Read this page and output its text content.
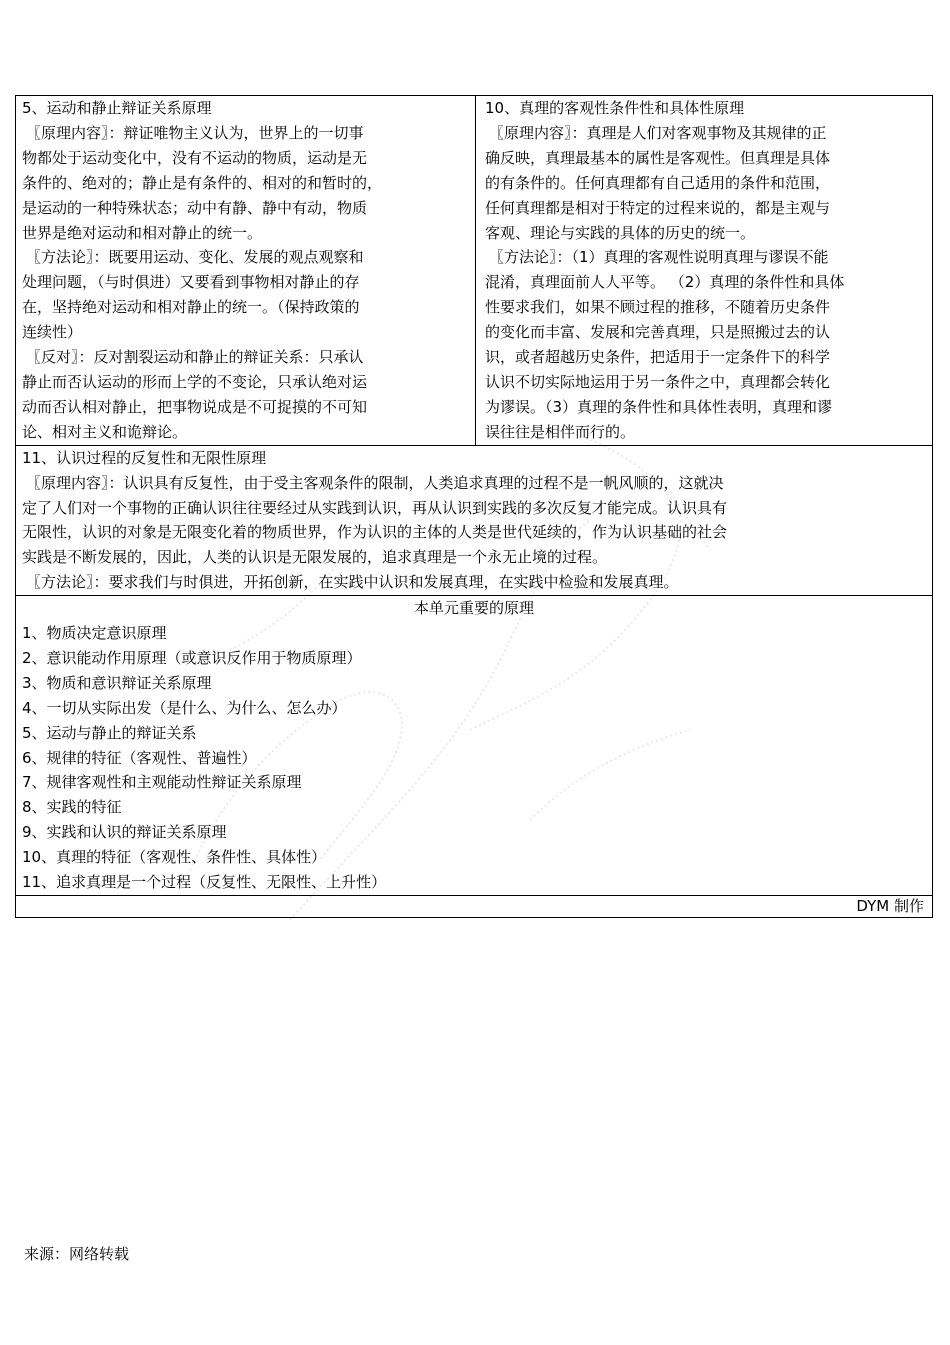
5、运动和静止辩证关系原理
〖原理内容〗：辩证唯物主义认为，世界上的一切事
物都处于运动变化中，没有不运动的物质，运动是无
条件的、绝对的；静止是有条件的、相对的和暂时的，
是运动的一种特殊状态；动中有静、静中有动，物质
世界是绝对运动和相对静止的统一。
〖方法论〗：既要用运动、变化、发展的观点观察和
处理问题，（与时俱进）又要看到事物相对静止的存
在，坚持绝对运动和相对静止的统一。（保持政策的
连续性）
〖反对〗：反对割裂运动和静止的辩证关系：只承认
静止而否认运动的形而上学的不变论，只承认绝对运
动而否认相对静止，把事物说成是不可捉摸的不可知
论、相对主义和诡辩论。
10、真理的客观性条件性和具体性原理
〖原理内容〗：真理是人们对客观事物及其规律的正
确反映，真理最基本的属性是客观性。但真理是具体
的有条件的。任何真理都有自己适用的条件和范围，
任何真理都是相对于特定的过程来说的，都是主观与
客观、理论与实践的具体的历史的统一。
〖方法论〗：（1）真理的客观性说明真理与谬误不能
混淆，真理面前人人平等。 （2）真理的条件性和具体
性要求我们，如果不顾过程的推移，不随着历史条件
的变化而丰富、发展和完善真理，只是照搬过去的认
识，或者超越历史条件，把适用于一定条件下的科学
认识不切实际地运用于另一条件之中，真理都会转化
为谬误。（3）真理的条件性和具体性表明，真理和谬
误往往是相伴而行的。
11、认识过程的反复性和无限性原理
〖原理内容〗：认识具有反复性，由于受主客观条件的限制，人类追求真理的过程不是一帆风顺的，这就决
定了人们对一个事物的正确认识往往要经过从实践到认识，再从认识到实践的多次反复才能完成。认识具有
无限性，认识的对象是无限变化着的物质世界，作为认识的主体的人类是世代延续的，作为认识基础的社会
实践是不断发展的，因此，人类的认识是无限发展的，追求真理是一个永无止境的过程。
〖方法论〗：要求我们与时俱进，开拓创新，在实践中认识和发展真理，在实践中检验和发展真理。
本单元重要的原理
1、物质决定意识原理
2、意识能动作用原理（或意识反作用于物质原理）
3、物质和意识辩证关系原理
4、一切从实际出发（是什么、为什么、怎么办）
5、运动与静止的辩证关系
6、规律的特征（客观性、普遍性）
7、规律客观性和主观能动性辩证关系原理
8、实践的特征
9、实践和认识的辩证关系原理
10、真理的特征（客观性、条件性、具体性）
11、追求真理是一个过程（反复性、无限性、上升性）
DYM 制作
来源：网络转载
